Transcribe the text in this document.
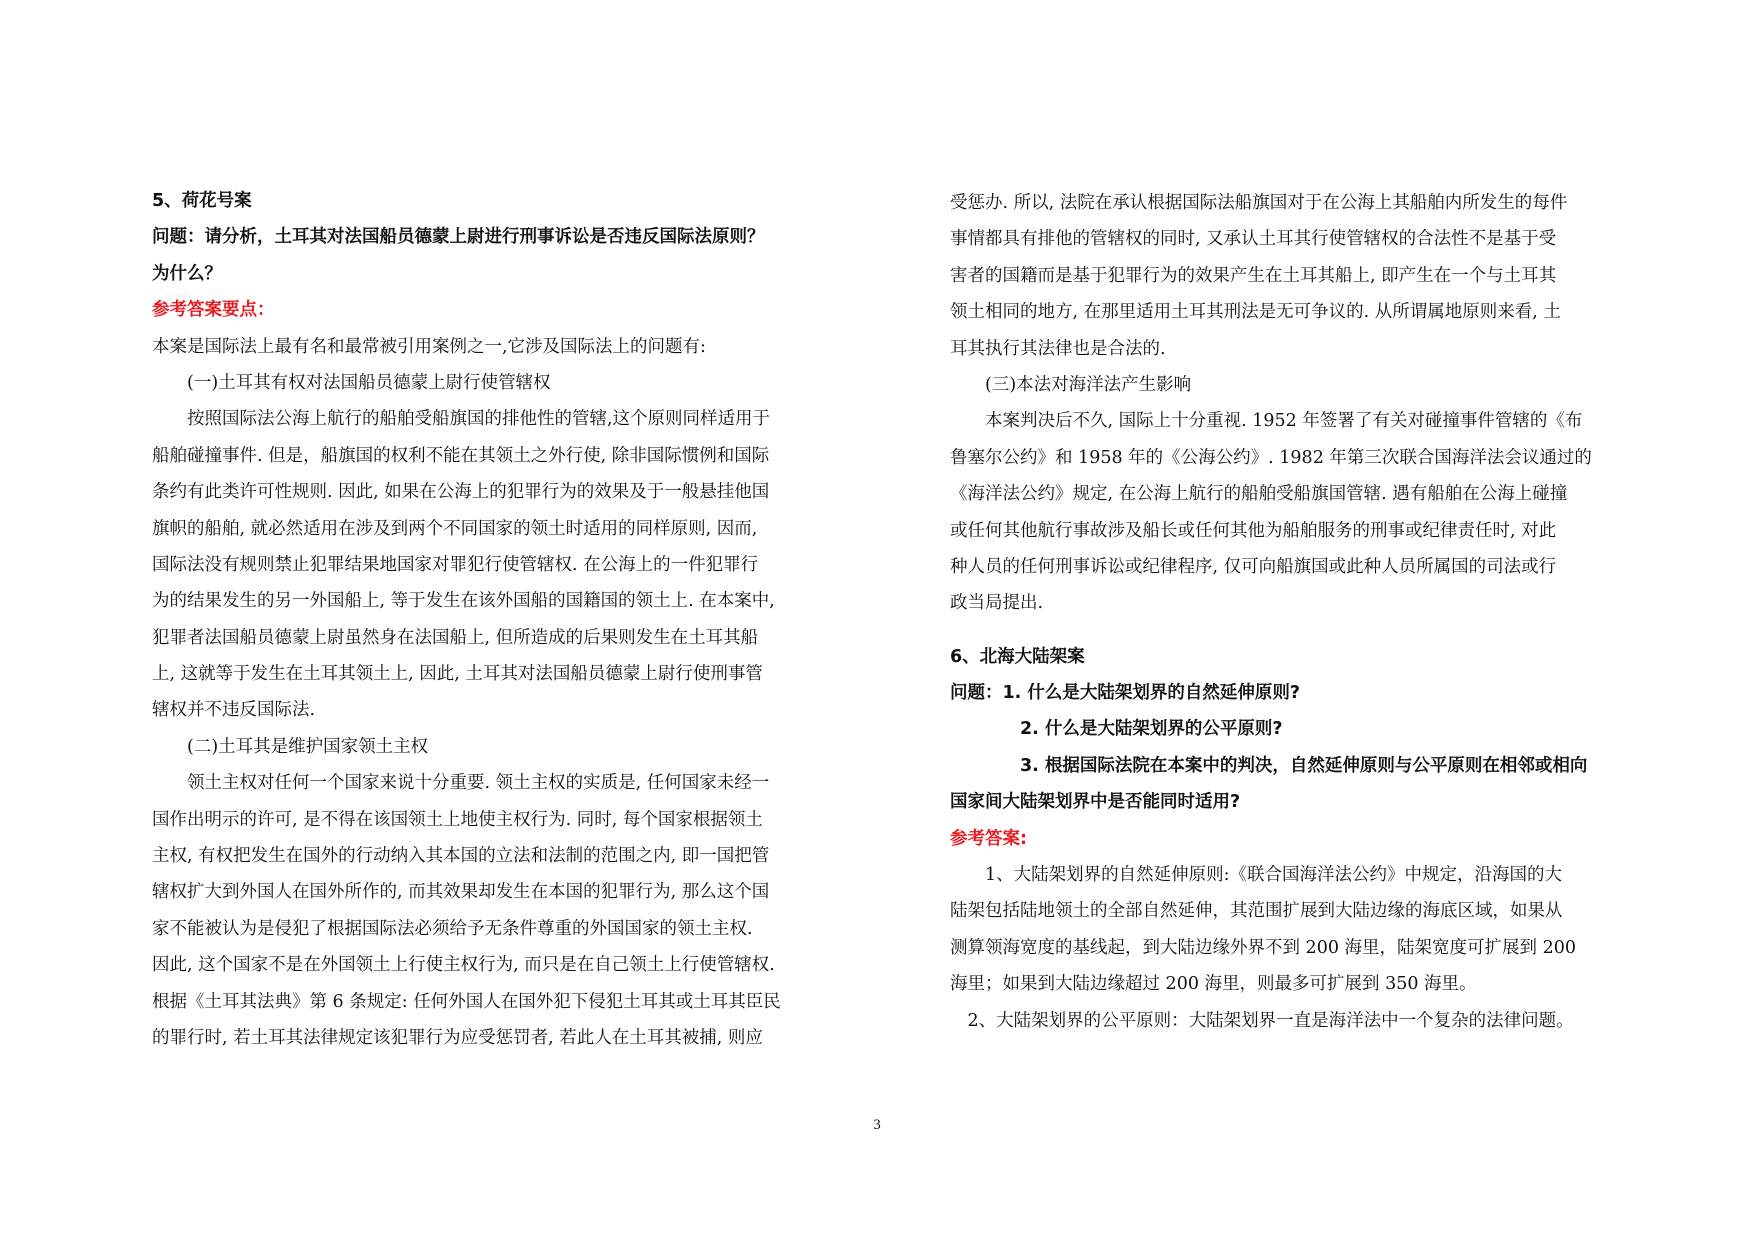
5、荷花号案
问题：请分析，土耳其对法国船员德蒙上尉进行刑事诉讼是否违反国际法原则？
为什么？
参考答案要点：
本案是国际法上最有名和最常被引用案例之一,它涉及国际法上的问题有:
　　(一)土耳其有权对法国船员德蒙上尉行使管辖权
　　按照国际法公海上航行的船舶受船旗国的排他性的管辖,这个原则同样适用于
船舶碰撞事件. 但是，船旗国的权利不能在其领土之外行使, 除非国际惯例和国际
条约有此类许可性规则. 因此, 如果在公海上的犯罪行为的效果及于一般悬挂他国
旗帜的船舶, 就必然适用在涉及到两个不同国家的领土时适用的同样原则, 因而,
国际法没有规则禁止犯罪结果地国家对罪犯行使管辖权. 在公海上的一件犯罪行
为的结果发生的另一外国船上, 等于发生在该外国船的国籍国的领土上. 在本案中,
犯罪者法国船员德蒙上尉虽然身在法国船上, 但所造成的后果则发生在土耳其船
上, 这就等于发生在土耳其领土上, 因此, 土耳其对法国船员德蒙上尉行使刑事管
辖权并不违反国际法.
　　(二)土耳其是维护国家领土主权
　　领土主权对任何一个国家来说十分重要. 领土主权的实质是, 任何国家未经一
国作出明示的许可, 是不得在该国领土上地使主权行为. 同时, 每个国家根据领土
主权, 有权把发生在国外的行动纳入其本国的立法和法制的范围之内, 即一国把管
辖权扩大到外国人在国外所作的, 而其效果却发生在本国的犯罪行为, 那么这个国
家不能被认为是侵犯了根据国际法必须给予无条件尊重的外国国家的领土主权.
因此, 这个国家不是在外国领土上行使主权行为, 而只是在自己领土上行使管辖权.
根据《土耳其法典》第 6 条规定: 任何外国人在国外犯下侵犯土耳其或土耳其臣民
的罪行时, 若土耳其法律规定该犯罪行为应受惩罚者, 若此人在土耳其被捕, 则应
受惩办. 所以, 法院在承认根据国际法船旗国对于在公海上其船舶内所发生的每件
事情都具有排他的管辖权的同时, 又承认土耳其行使管辖权的合法性不是基于受
害者的国籍而是基于犯罪行为的效果产生在土耳其船上, 即产生在一个与土耳其
领土相同的地方, 在那里适用土耳其刑法是无可争议的. 从所谓属地原则来看, 土
耳其执行其法律也是合法的.
　　(三)本法对海洋法产生影响
　　本案判决后不久, 国际上十分重视. 1952 年签署了有关对碰撞事件管辖的《布
鲁塞尔公约》和 1958 年的《公海公约》. 1982 年第三次联合国海洋法会议通过的
《海洋法公约》规定, 在公海上航行的船舶受船旗国管辖. 遇有船舶在公海上碰撞
或任何其他航行事故涉及船长或任何其他为船舶服务的刑事或纪律责任时, 对此
种人员的任何刑事诉讼或纪律程序, 仅可向船旗国或此种人员所属国的司法或行
政当局提出.
6、北海大陆架案
问题：1. 什么是大陆架划界的自然延伸原则?
　　　　2. 什么是大陆架划界的公平原则?
　　　　3. 根据国际法院在本案中的判决，自然延伸原则与公平原则在相邻或相向
国家间大陆架划界中是否能同时适用?
参考答案:
　　1、大陆架划界的自然延伸原则:《联合国海洋法公约》中规定，沿海国的大
陆架包括陆地领土的全部自然延伸，其范围扩展到大陆边缘的海底区域，如果从
测算领海宽度的基线起，到大陆边缘外界不到 200 海里，陆架宽度可扩展到 200
海里；如果到大陆边缘超过 200 海里，则最多可扩展到 350 海里。
　2、大陆架划界的公平原则：大陆架划界一直是海洋法中一个复杂的法律问题。
3
